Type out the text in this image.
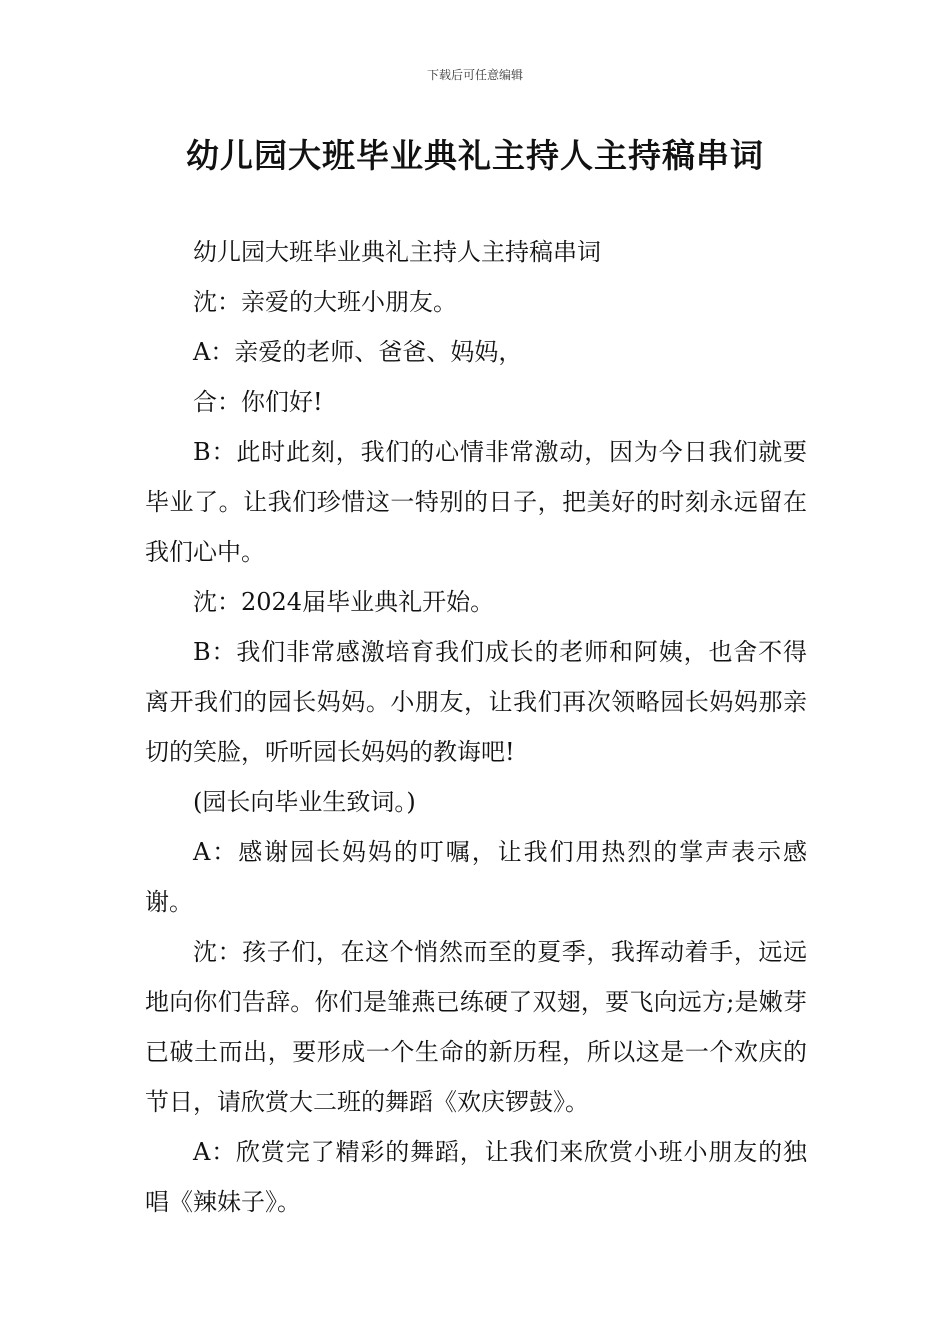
下载后可任意编辑
幼儿园大班毕业典礼主持人主持稿串词

幼儿园大班毕业典礼主持人主持稿串词

沈：亲爱的大班小朋友。

A：亲爱的老师、爸爸、妈妈，

合：你们好!

B：此时此刻，我们的心情非常激动，因为今日我们就要毕业了。让我们珍惜这一特别的日子，把美好的时刻永远留在我们心中。

沈：2024届毕业典礼开始。

B：我们非常感激培育我们成长的老师和阿姨，也舍不得离开我们的园长妈妈。小朋友，让我们再次领略园长妈妈那亲切的笑脸，听听园长妈妈的教诲吧!

(园长向毕业生致词。)

A：感谢园长妈妈的叮嘱，让我们用热烈的掌声表示感谢。

沈：孩子们，在这个悄然而至的夏季，我挥动着手，远远地向你们告辞。你们是雏燕已练硬了双翅，要飞向远方;是嫩芽已破土而出，要形成一个生命的新历程，所以这是一个欢庆的节日，请欣赏大二班的舞蹈《欢庆锣鼓》。

A：欣赏完了精彩的舞蹈，让我们来欣赏小班小朋友的独唱《辣妹子》。
